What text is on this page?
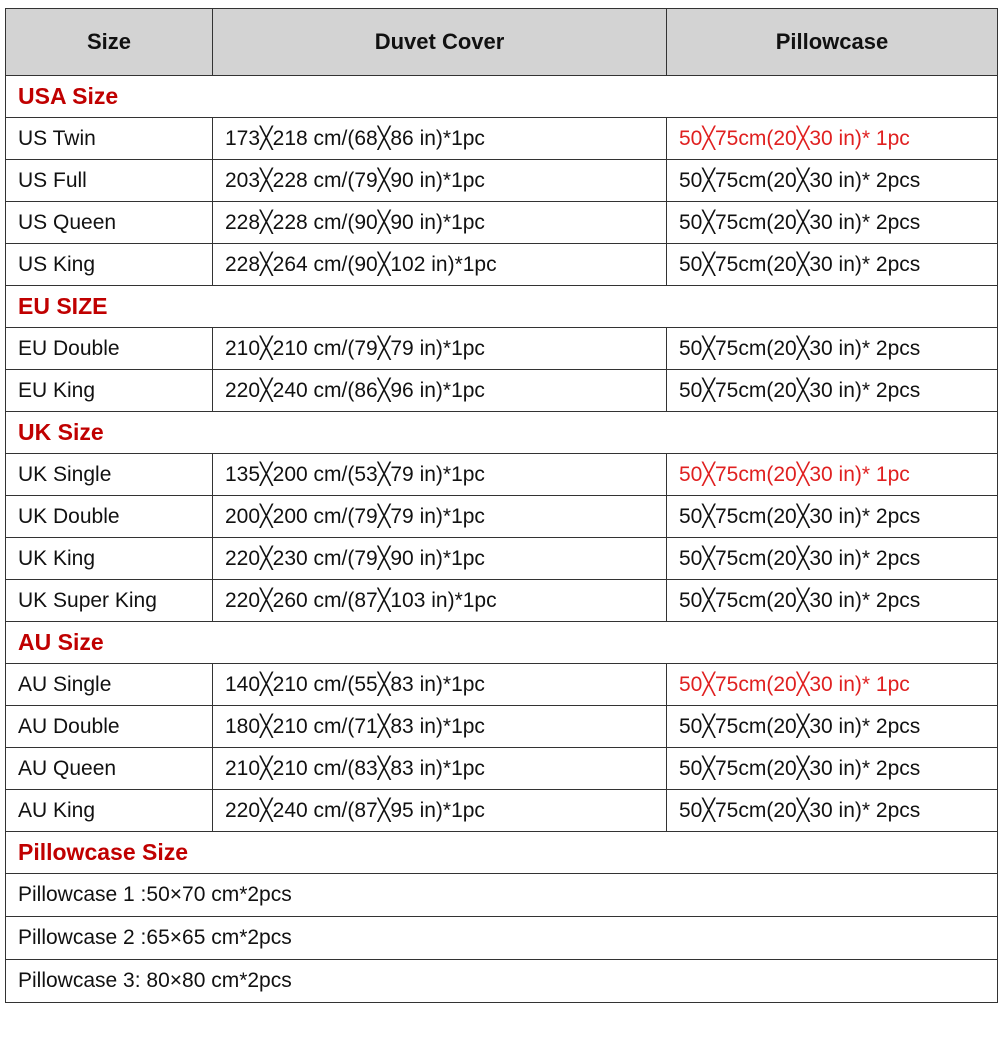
Size	Duvet Cover	Pillowcase
USA Size		
US Twin	173╳218 cm/(68╳86 in)*1pc	50╳75cm(20╳30 in)* 1pc
US Full	203╳228 cm/(79╳90 in)*1pc	50╳75cm(20╳30 in)* 2pcs
US Queen	228╳228 cm/(90╳90 in)*1pc	50╳75cm(20╳30 in)* 2pcs
US King	228╳264 cm/(90╳102 in)*1pc	50╳75cm(20╳30 in)* 2pcs
EU SIZE		
EU Double	210╳210 cm/(79╳79 in)*1pc	50╳75cm(20╳30 in)* 2pcs
EU King	220╳240 cm/(86╳96 in)*1pc	50╳75cm(20╳30 in)* 2pcs
UK Size		
UK Single	135╳200 cm/(53╳79 in)*1pc	50╳75cm(20╳30 in)* 1pc
UK Double	200╳200 cm/(79╳79 in)*1pc	50╳75cm(20╳30 in)* 2pcs
UK King	220╳230 cm/(79╳90 in)*1pc	50╳75cm(20╳30 in)* 2pcs
UK Super King	220╳260 cm/(87╳103 in)*1pc	50╳75cm(20╳30 in)* 2pcs
AU Size		
AU Single	140╳210 cm/(55╳83 in)*1pc	50╳75cm(20╳30 in)* 1pc
AU Double	180╳210 cm/(71╳83 in)*1pc	50╳75cm(20╳30 in)* 2pcs
AU Queen	210╳210 cm/(83╳83 in)*1pc	50╳75cm(20╳30 in)* 2pcs
AU King	220╳240 cm/(87╳95 in)*1pc	50╳75cm(20╳30 in)* 2pcs
Pillowcase Size		
Pillowcase 1 :50×70 cm*2pcs		
Pillowcase 2 :65×65 cm*2pcs		
Pillowcase 3: 80×80 cm*2pcs		
